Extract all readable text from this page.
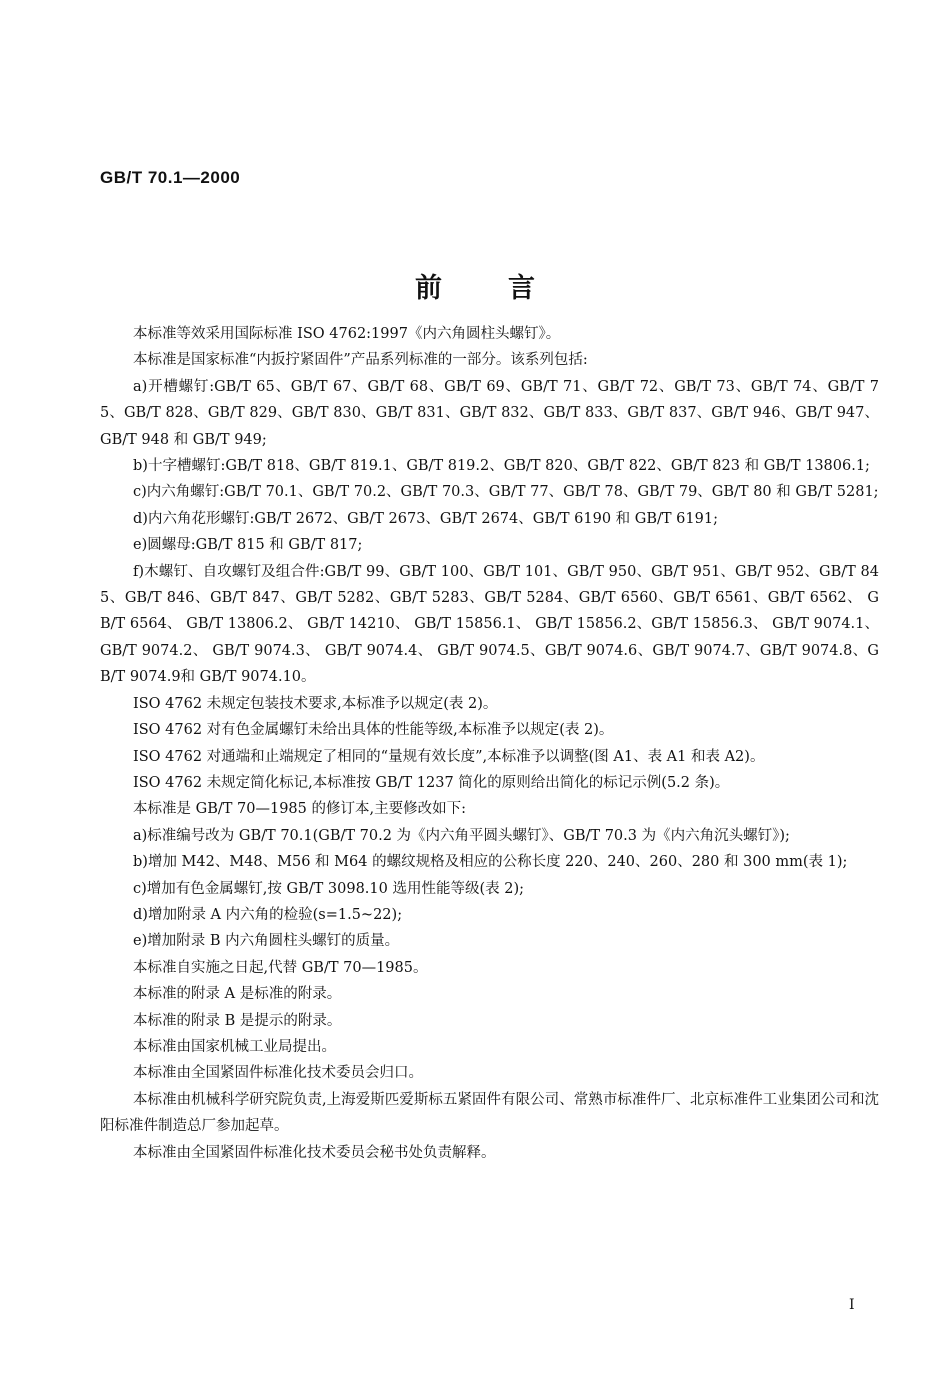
GB/T 70.1—2000
前 言

本标准等效采用国际标准 ISO 4762:1997《内六角圆柱头螺钉》。

本标准是国家标准“内扳拧紧固件”产品系列标准的一部分。该系列包括:

a)开槽螺钉:GB/T 65、GB/T 67、GB/T 68、GB/T 69、GB/T 71、GB/T 72、GB/T 73、GB/T 74、GB/T 75、GB/T 828、GB/T 829、GB/T 830、GB/T 831、GB/T 832、GB/T 833、GB/T 837、GB/T 946、GB/T 947、GB/T 948 和 GB/T 949;

b)十字槽螺钉:GB/T 818、GB/T 819.1、GB/T 819.2、GB/T 820、GB/T 822、GB/T 823 和 GB/T 13806.1;

c)内六角螺钉:GB/T 70.1、GB/T 70.2、GB/T 70.3、GB/T 77、GB/T 78、GB/T 79、GB/T 80 和 GB/T 5281;

d)内六角花形螺钉:GB/T 2672、GB/T 2673、GB/T 2674、GB/T 6190 和 GB/T 6191;

e)圆螺母:GB/T 815 和 GB/T 817;

f)木螺钉、自攻螺钉及组合件:GB/T 99、GB/T 100、GB/T 101、GB/T 950、GB/T 951、GB/T 952、GB/T 845、GB/T 846、GB/T 847、GB/T 5282、GB/T 5283、GB/T 5284、GB/T 6560、GB/T 6561、GB/T 6562、 GB/T 6564、 GB/T 13806.2、 GB/T 14210、 GB/T 15856.1、 GB/T 15856.2、GB/T 15856.3、 GB/T 9074.1、 GB/T 9074.2、 GB/T 9074.3、 GB/T 9074.4、 GB/T 9074.5、GB/T 9074.6、GB/T 9074.7、GB/T 9074.8、GB/T 9074.9和 GB/T 9074.10。

ISO 4762 未规定包装技术要求,本标准予以规定(表 2)。

ISO 4762 对有色金属螺钉未给出具体的性能等级,本标准予以规定(表 2)。

ISO 4762 对通端和止端规定了相同的“量规有效长度”,本标准予以调整(图 A1、表 A1 和表 A2)。

ISO 4762 未规定简化标记,本标准按 GB/T 1237 简化的原则给出简化的标记示例(5.2 条)。

本标准是 GB/T 70—1985 的修订本,主要修改如下:

a)标准编号改为 GB/T 70.1(GB/T 70.2 为《内六角平圆头螺钉》、GB/T 70.3 为《内六角沉头螺钉》);

b)增加 M42、M48、M56 和 M64 的螺纹规格及相应的公称长度 220、240、260、280 和 300 mm(表 1);

c)增加有色金属螺钉,按 GB/T 3098.10 选用性能等级(表 2);

d)增加附录 A 内六角的检验(s=1.5~22);

e)增加附录 B 内六角圆柱头螺钉的质量。

本标准自实施之日起,代替 GB/T 70—1985。

本标准的附录 A 是标准的附录。

本标准的附录 B 是提示的附录。

本标准由国家机械工业局提出。

本标准由全国紧固件标准化技术委员会归口。

本标准由机械科学研究院负责,上海爱斯匹爱斯标五紧固件有限公司、常熟市标准件厂、北京标准件工业集团公司和沈阳标准件制造总厂参加起草。

本标准由全国紧固件标准化技术委员会秘书处负责解释。

I
